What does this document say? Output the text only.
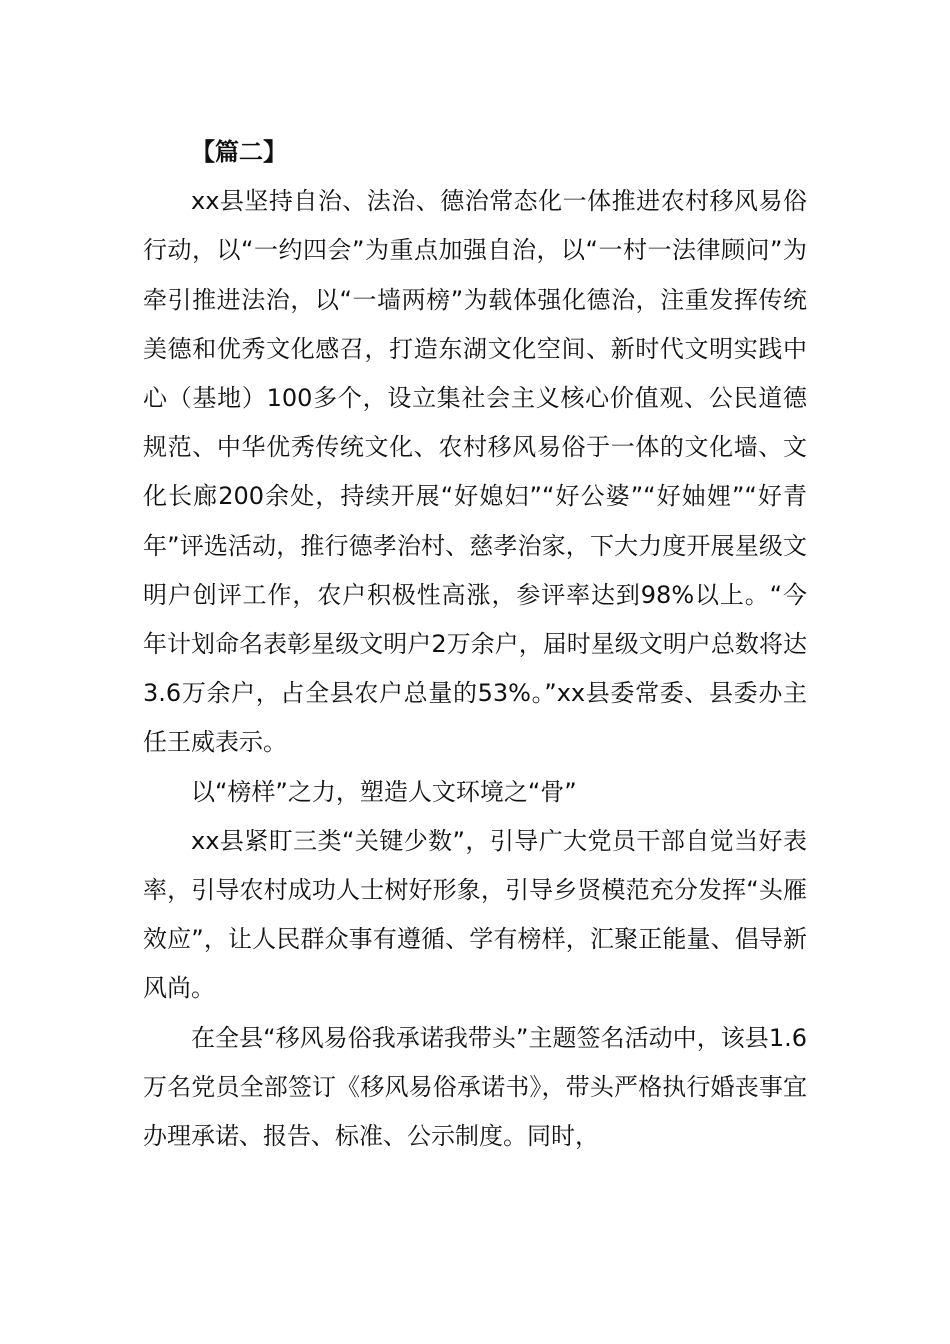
【篇二】

xx县坚持自治、法治、德治常态化一体推进农村移风易俗行动，以“一约四会”为重点加强自治，以“一村一法律顾问”为牵引推进法治，以“一墙两榜”为载体强化德治，注重发挥传统美德和优秀文化感召，打造东湖文化空间、新时代文明实践中心（基地）100多个，设立集社会主义核心价值观、公民道德规范、中华优秀传统文化、农村移风易俗于一体的文化墙、文化长廊200余处，持续开展“好媳妇”“好公婆”“好妯娌”“好青年”评选活动，推行德孝治村、慈孝治家，下大力度开展星级文明户创评工作，农户积极性高涨，参评率达到98%以上。“今年计划命名表彰星级文明户2万余户，届时星级文明户总数将达3.6万余户，占全县农户总量的53%。”xx县委常委、县委办主任王威表示。

以“榜样”之力，塑造人文环境之“骨”

xx县紧盯三类“关键少数”，引导广大党员干部自觉当好表率，引导农村成功人士树好形象，引导乡贤模范充分发挥“头雁效应”，让人民群众事有遵循、学有榜样，汇聚正能量、倡导新风尚。

在全县“移风易俗我承诺我带头”主题签名活动中，该县1.6万名党员全部签订《移风易俗承诺书》，带头严格执行婚丧事宜办理承诺、报告、标准、公示制度。同时，
